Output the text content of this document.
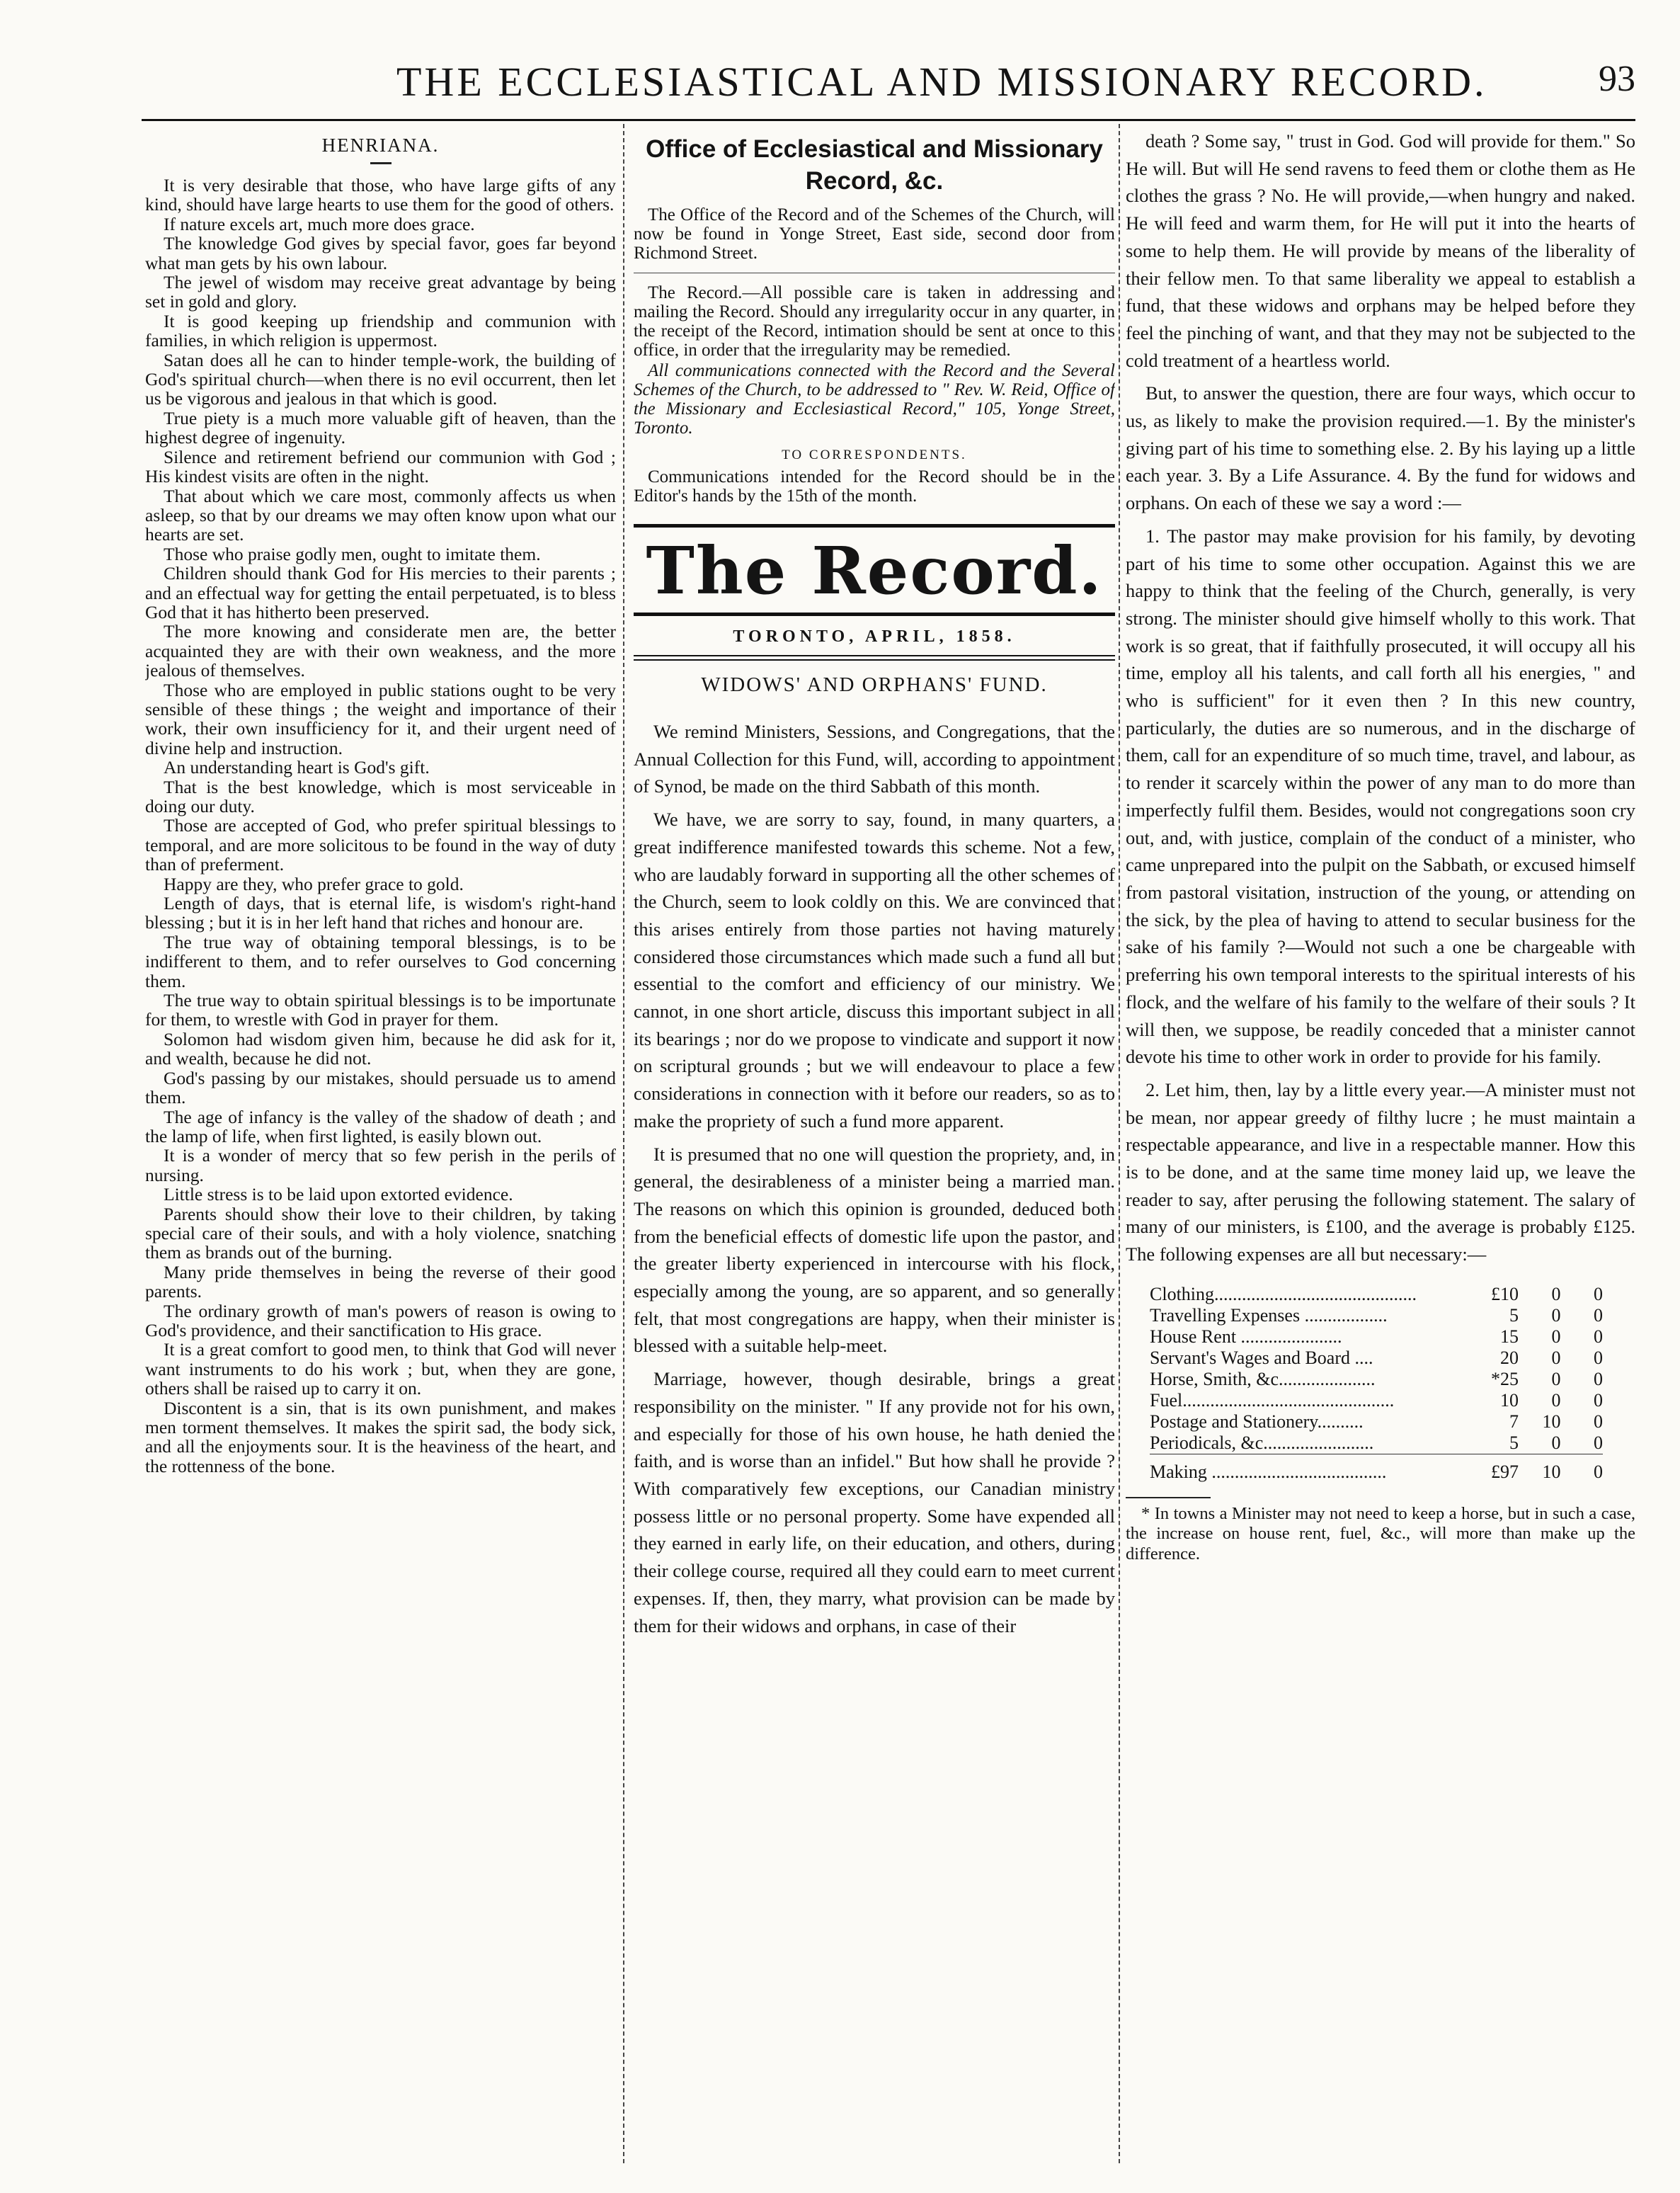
THE ECCLESIASTICAL AND MISSIONARY RECORD.	93
HENRIANA.

It is very desirable that those, who have large gifts of any kind, should have large hearts to use them for the good of others.

If nature excels art, much more does grace.

The knowledge God gives by special favor, goes far beyond what man gets by his own labour.

The jewel of wisdom may receive great advantage by being set in gold and glory.

It is good keeping up friendship and communion with families, in which religion is uppermost.

Satan does all he can to hinder temple-work, the building of God's spiritual church—when there is no evil occurrent, then let us be vigorous and jealous in that which is good.

True piety is a much more valuable gift of heaven, than the highest degree of ingenuity.

Silence and retirement befriend our communion with God ; His kindest visits are often in the night.

That about which we care most, commonly affects us when asleep, so that by our dreams we may often know upon what our hearts are set.

Those who praise godly men, ought to imitate them.

Children should thank God for His mercies to their parents ; and an effectual way for getting the entail perpetuated, is to bless God that it has hitherto been preserved.

The more knowing and considerate men are, the better acquainted they are with their own weakness, and the more jealous of themselves.

Those who are employed in public stations ought to be very sensible of these things ; the weight and importance of their work, their own insufficiency for it, and their urgent need of divine help and instruction.

An understanding heart is God's gift.

That is the best knowledge, which is most serviceable in doing our duty.

Those are accepted of God, who prefer spiritual blessings to temporal, and are more solicitous to be found in the way of duty than of preferment.

Happy are they, who prefer grace to gold.

Length of days, that is eternal life, is wisdom's right-hand blessing ; but it is in her left hand that riches and honour are.

The true way of obtaining temporal blessings, is to be indifferent to them, and to refer ourselves to God concerning them.

The true way to obtain spiritual blessings is to be importunate for them, to wrestle with God in prayer for them.

Solomon had wisdom given him, because he did ask for it, and wealth, because he did not.

God's passing by our mistakes, should persuade us to amend them.

The age of infancy is the valley of the shadow of death ; and the lamp of life, when first lighted, is easily blown out.

It is a wonder of mercy that so few perish in the perils of nursing.

Little stress is to be laid upon extorted evidence.

Parents should show their love to their children, by taking special care of their souls, and with a holy violence, snatching them as brands out of the burning.

Many pride themselves in being the reverse of their good parents.

The ordinary growth of man's powers of reason is owing to God's providence, and their sanctification to His grace.

It is a great comfort to good men, to think that God will never want instruments to do his work ; but, when they are gone, others shall be raised up to carry it on.

Discontent is a sin, that is its own punishment, and makes men torment themselves. It makes the spirit sad, the body sick, and all the enjoyments sour. It is the heaviness of the heart, and the rottenness of the bone.

Office of Ecclesiastical and Missionary Record, &c.

The Office of the Record and of the Schemes of the Church, will now be found in Yonge Street, East side, second door from Richmond Street.

The Record.—All possible care is taken in addressing and mailing the Record. Should any irregularity occur in any quarter, in the receipt of the Record, intimation should be sent at once to this office, in order that the irregularity may be remedied.

All communications connected with the Record and the Several Schemes of the Church, to be addressed to " Rev. W. Reid, Office of the Missionary and Ecclesiastical Record," 105, Yonge Street, Toronto.

TO CORRESPONDENTS.

Communications intended for the Record should be in the Editor's hands by the 15th of the month.

The Record.
TORONTO, APRIL, 1858.
WIDOWS' AND ORPHANS' FUND.

We remind Ministers, Sessions, and Congregations, that the Annual Collection for this Fund, will, according to appointment of Synod, be made on the third Sabbath of this month.

We have, we are sorry to say, found, in many quarters, a great indifference manifested towards this scheme. Not a few, who are laudably forward in supporting all the other schemes of the Church, seem to look coldly on this. We are convinced that this arises entirely from those parties not having maturely considered those circumstances which made such a fund all but essential to the comfort and efficiency of our ministry. We cannot, in one short article, discuss this important subject in all its bearings ; nor do we propose to vindicate and support it now on scriptural grounds ; but we will endeavour to place a few considerations in connection with it before our readers, so as to make the propriety of such a fund more apparent.

It is presumed that no one will question the propriety, and, in general, the desirableness of a minister being a married man. The reasons on which this opinion is grounded, deduced both from the beneficial effects of domestic life upon the pastor, and the greater liberty experienced in intercourse with his flock, especially among the young, are so apparent, and so generally felt, that most congregations are happy, when their minister is blessed with a suitable help-meet.

Marriage, however, though desirable, brings a great responsibility on the minister. " If any provide not for his own, and especially for those of his own house, he hath denied the faith, and is worse than an infidel." But how shall he provide ? With comparatively few exceptions, our Canadian ministry possess little or no personal property. Some have expended all they earned in early life, on their education, and others, during their college course, required all they could earn to meet current expenses. If, then, they marry, what provision can be made by them for their widows and orphans, in case of their

death ? Some say, " trust in God. God will provide for them." So He will. But will He send ravens to feed them or clothe them as He clothes the grass ? No. He will provide,—when hungry and naked. He will feed and warm them, for He will put it into the hearts of some to help them. He will provide by means of the liberality of their fellow men. To that same liberality we appeal to establish a fund, that these widows and orphans may be helped before they feel the pinching of want, and that they may not be subjected to the cold treatment of a heartless world.

But, to answer the question, there are four ways, which occur to us, as likely to make the provision required.—1. By the minister's giving part of his time to something else. 2. By his laying up a little each year. 3. By a Life Assurance. 4. By the fund for widows and orphans. On each of these we say a word :—

1. The pastor may make provision for his family, by devoting part of his time to some other occupation. Against this we are happy to think that the feeling of the Church, generally, is very strong. The minister should give himself wholly to this work. That work is so great, that if faithfully prosecuted, it will occupy all his time, employ all his talents, and call forth all his energies, " and who is sufficient" for it even then ? In this new country, particularly, the duties are so numerous, and in the discharge of them, call for an expenditure of so much time, travel, and labour, as to render it scarcely within the power of any man to do more than imperfectly fulfil them. Besides, would not congregations soon cry out, and, with justice, complain of the conduct of a minister, who came unprepared into the pulpit on the Sabbath, or excused himself from pastoral visitation, instruction of the young, or attending on the sick, by the plea of having to attend to secular business for the sake of his family ?—Would not such a one be chargeable with preferring his own temporal interests to the spiritual interests of his flock, and the welfare of his family to the welfare of their souls ? It will then, we suppose, be readily conceded that a minister cannot devote his time to other work in order to provide for his family.

2. Let him, then, lay by a little every year.—A minister must not be mean, nor appear greedy of filthy lucre ; he must maintain a respectable appearance, and live in a respectable manner. How this is to be done, and at the same time money laid up, we leave the reader to say, after perusing the following statement. The salary of many of our ministers, is £100, and the average is probably £125. The following expenses are all but necessary:—

Clothing............................................	£10	0	0
Travelling Expenses ..................	5	0	0
House Rent ......................	15	0	0
Servant's Wages and Board ....	20	0	0
Horse, Smith, &c.....................	*25	0	0
Fuel..............................................	10	0	0
Postage and Stationery..........	7	10	0
Periodicals, &c........................	5	0	0

Making ......................................	£97	10	0

* In towns a Minister may not need to keep a horse, but in such a case, the increase on house rent, fuel, &c., will more than make up the difference.
